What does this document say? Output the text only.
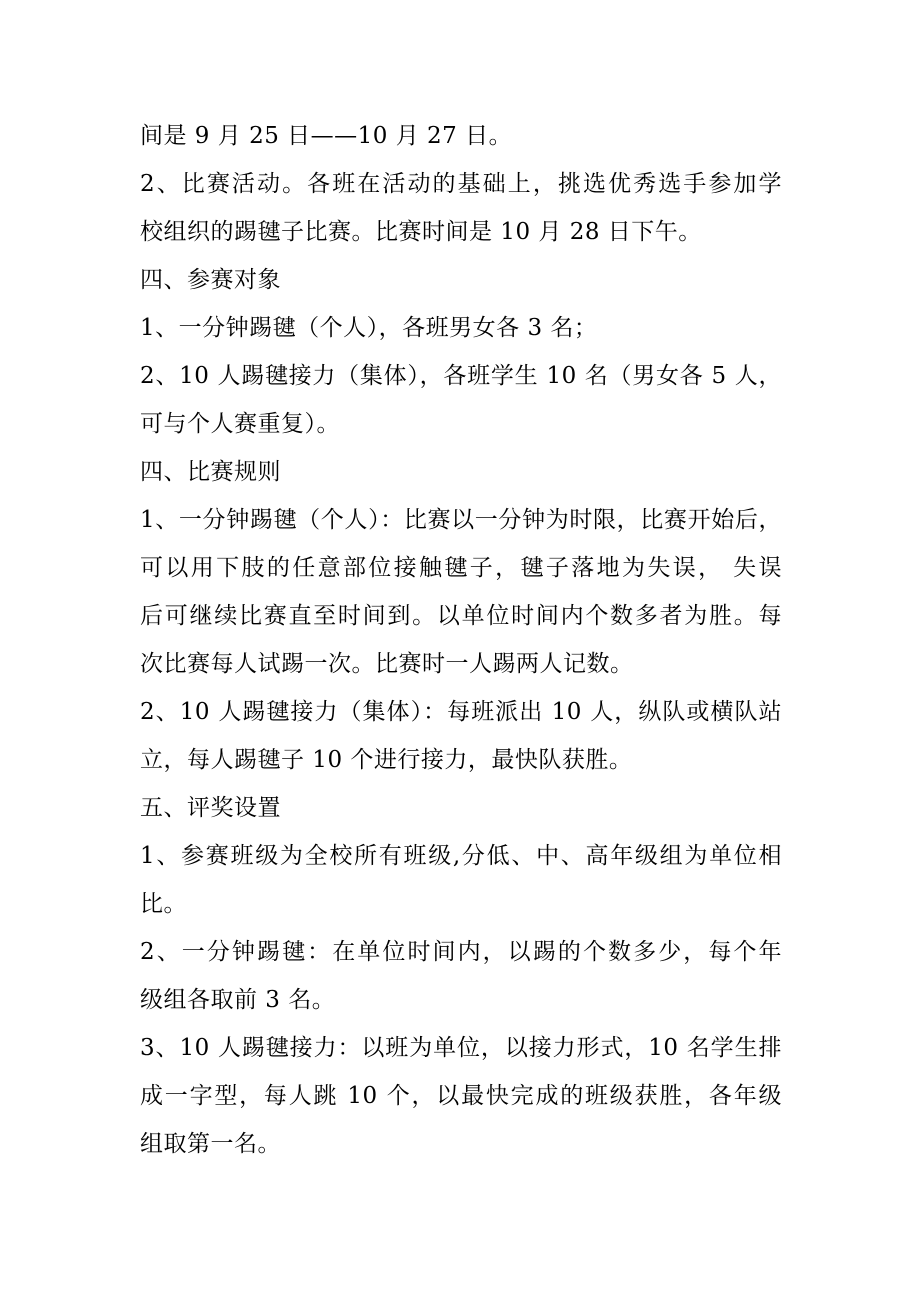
间是 9 月 25 日——10 月 27 日。
2、比赛活动。各班在活动的基础上，挑选优秀选手参加学
校组织的踢毽子比赛。比赛时间是 10 月 28 日下午。
四、参赛对象
1、一分钟踢毽（个人），各班男女各 3 名；
2、10 人踢毽接力（集体），各班学生 10 名（男女各 5 人，
可与个人赛重复）。
四、比赛规则
1、一分钟踢毽（个人）：比赛以一分钟为时限，比赛开始后，
可以用下肢的任意部位接触毽子，毽子落地为失误， 失误
后可继续比赛直至时间到。以单位时间内个数多者为胜。每
次比赛每人试踢一次。比赛时一人踢两人记数。
2、10 人踢毽接力（集体）：每班派出 10 人，纵队或横队站
立，每人踢毽子 10 个进行接力，最快队获胜。
五、评奖设置
1、参赛班级为全校所有班级,分低、中、高年级组为单位相
比。
2、一分钟踢毽：在单位时间内，以踢的个数多少，每个年
级组各取前 3 名。
3、10 人踢毽接力：以班为单位，以接力形式，10 名学生排
成一字型，每人跳 10 个，以最快完成的班级获胜，各年级
组取第一名。
